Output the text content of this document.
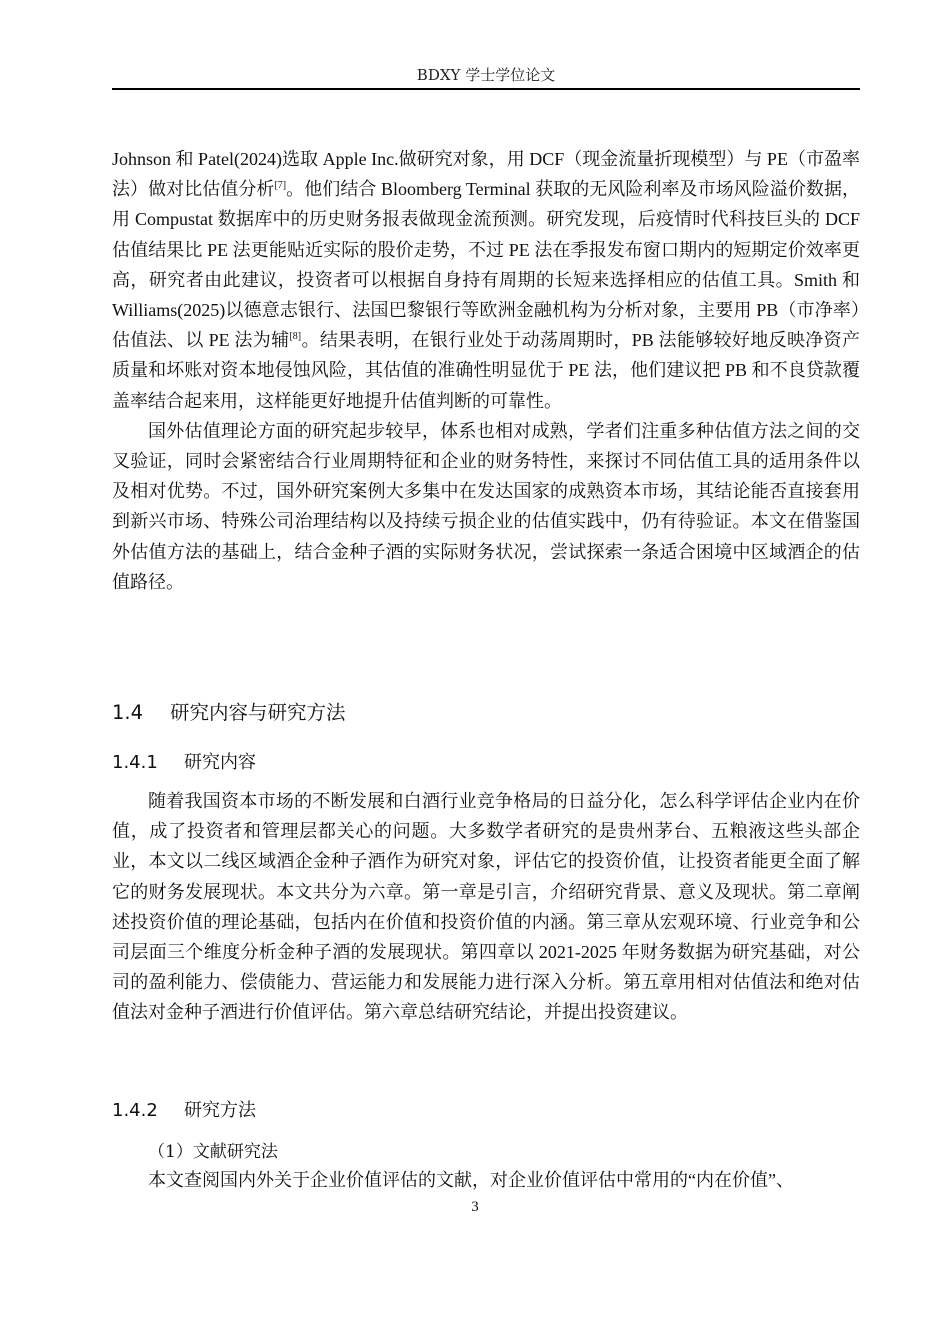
BDXY 学士学位论文

Johnson 和 Patel(2024)选取 Apple Inc.做研究对象，用 DCF（现金流量折现模型）与 PE（市盈率法）做对比估值分析[7]。他们结合 Bloomberg Terminal 获取的无风险利率及市场风险溢价数据，用 Compustat 数据库中的历史财务报表做现金流预测。研究发现，后疫情时代科技巨头的 DCF 估值结果比 PE 法更能贴近实际的股价走势，不过 PE 法在季报发布窗口期内的短期定价效率更高，研究者由此建议，投资者可以根据自身持有周期的长短来选择相应的估值工具。Smith 和 Williams(2025)以德意志银行、法国巴黎银行等欧洲金融机构为分析对象，主要用 PB（市净率）估值法、以 PE 法为辅[8]。结果表明，在银行业处于动荡周期时，PB 法能够较好地反映净资产质量和坏账对资本地侵蚀风险，其估值的准确性明显优于 PE 法，他们建议把 PB 和不良贷款覆盖率结合起来用，这样能更好地提升估值判断的可靠性。

国外估值理论方面的研究起步较早，体系也相对成熟，学者们注重多种估值方法之间的交叉验证，同时会紧密结合行业周期特征和企业的财务特性，来探讨不同估值工具的适用条件以及相对优势。不过，国外研究案例大多集中在发达国家的成熟资本市场，其结论能否直接套用到新兴市场、特殊公司治理结构以及持续亏损企业的估值实践中，仍有待验证。本文在借鉴国外估值方法的基础上，结合金种子酒的实际财务状况，尝试探索一条适合困境中区域酒企的估值路径。

1.4 研究内容与研究方法
1.4.1 研究内容

随着我国资本市场的不断发展和白酒行业竞争格局的日益分化，怎么科学评估企业内在价值，成了投资者和管理层都关心的问题。大多数学者研究的是贵州茅台、五粮液这些头部企业，本文以二线区域酒企金种子酒作为研究对象，评估它的投资价值，让投资者能更全面了解它的财务发展现状。本文共分为六章。第一章是引言，介绍研究背景、意义及现状。第二章阐述投资价值的理论基础，包括内在价值和投资价值的内涵。第三章从宏观环境、行业竞争和公司层面三个维度分析金种子酒的发展现状。第四章以 2021-2025 年财务数据为研究基础，对公司的盈利能力、偿债能力、营运能力和发展能力进行深入分析。第五章用相对估值法和绝对估值法对金种子酒进行价值评估。第六章总结研究结论，并提出投资建议。

1.4.2 研究方法
（1）文献研究法
本文查阅国内外关于企业价值评估的文献，对企业价值评估中常用的“内在价值”、
3
